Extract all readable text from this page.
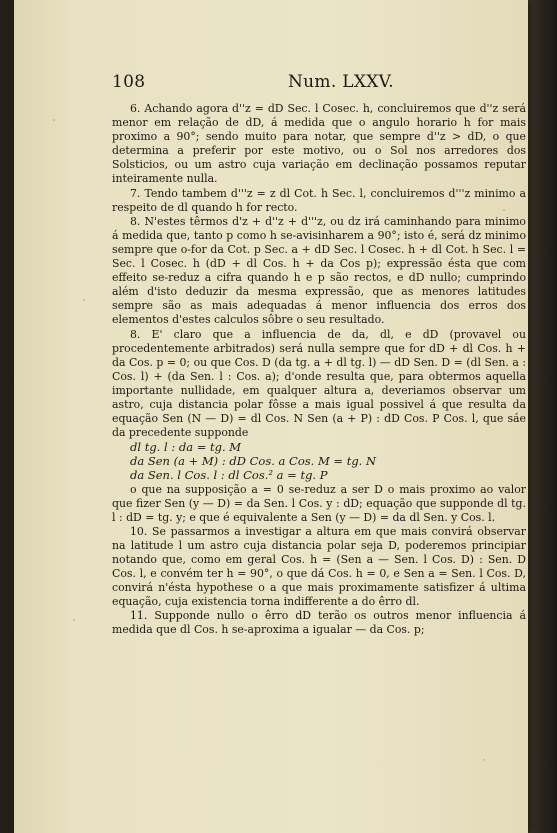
108	Num. LXXV.

6. Achando agora d''z = dD Sec. l Cosec. h, concluiremos que d''z será menor em relação de dD, á medida que o angulo horario h for mais proximo a 90°; sendo muito para notar, que sempre d''z > dD, o que determina a preferir por este motivo, ou o Sol nos arredores dos Solsticios, ou um astro cuja variação em declinação possamos reputar inteiramente nulla.

7. Tendo tambem d'''z = z dl Cot. h Sec. l, concluiremos d'''z minimo a respeito de dl quando h for recto.

8. N'estes têrmos d'z + d''z + d'''z, ou dz irá caminhando para minimo á medida que, tanto p como h se-avisinharem a 90°; isto é, será dz minimo sempre que o-for da Cot. p Sec. a + dD Sec. l Cosec. h + dl Cot. h Sec. l = Sec. l Cosec. h (dD + dl Cos. h + da Cos p); expressão ésta que com effeito se-reduz a cifra quando h e p são rectos, e dD nullo; cumprindo além d'isto deduzir da mesma expressão, que as menores latitudes sempre são as mais adequadas á menor influencia dos erros dos elementos d'estes calculos sôbre o seu resultado.

8. E' claro que a influencia de da, dl, e dD (provavel ou procedentemente arbitrados) será nulla sempre que for dD + dl Cos. h + da Cos. p = 0; ou que Cos. D (da tg. a + dl tg. l) — dD Sen. D = (dl Sen. a : Cos. l) + (da Sen. l : Cos. a); d'onde resulta que, para obtermos aquella importante nullidade, em qualquer altura a, deveriamos observar um astro, cuja distancia polar fôsse a mais igual possivel á que resulta da equação Sen (N — D) = dl Cos. N Sen (a + P) : dD Cos. P Cos. l, que sáe da precedente supponde

dl tg. l : da = tg. M

da Sen (a + M) : dD Cos. a Cos. M = tg. N

da Sen. l Cos. l : dl Cos.² a = tg. P

o que na supposição a = 0 se-reduz a ser D o mais proximo ao valor que fizer Sen (y — D) = da Sen. l Cos. y : dD; equação que supponde dl tg. l : dD = tg. y; e que é equivalente a Sen (y — D) = da dl Sen. y Cos. l.

10. Se passarmos a investigar a altura em que mais convirá observar na latitude l um astro cuja distancia polar seja D, poderemos principiar notando que, como em geral Cos. h = (Sen a — Sen. l Cos. D) : Sen. D Cos. l, e convém ter h = 90°, o que dá Cos. h = 0, e Sen a = Sen. l Cos. D, convirá n'ésta hypothese o a que mais proximamente satisfizer á ultima equação, cuja existencia torna indifferente a do êrro dl.

11. Supponde nullo o êrro dD terão os outros menor influencia á medida que dl Cos. h se-aproxima a igualar — da Cos. p;
